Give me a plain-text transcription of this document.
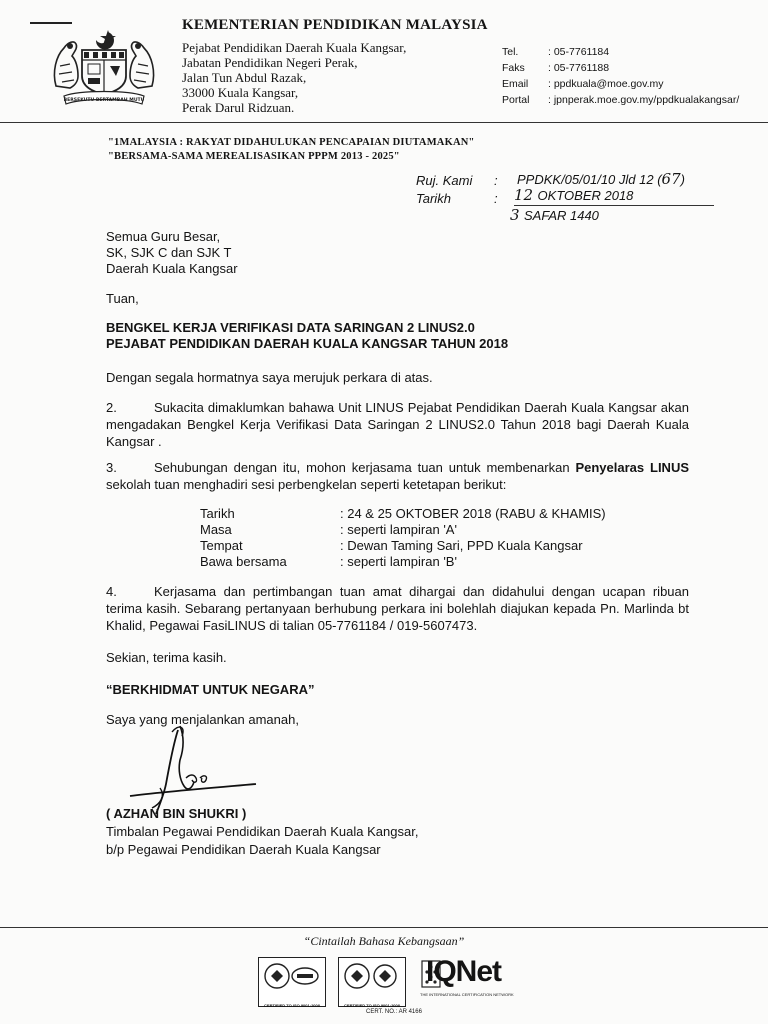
BERSEKUTU BERTAMBAH MUTU
KEMENTERIAN PENDIDIKAN MALAYSIA
Pejabat Pendidikan Daerah Kuala Kangsar,
Jabatan Pendidikan Negeri Perak,
Jalan Tun Abdul Razak,
33000 Kuala Kangsar,
Perak Darul Ridzuan.
Tel.	: 05-7761184
Faks : 05-7761188
Email : ppdkuala@moe.gov.my
Portal : jpnperak.moe.gov.my/ppdkualakangsar/
"1MALAYSIA : RAKYAT DIDAHULUKAN PENCAPAIAN DIUTAMAKAN"
"BERSAMA-SAMA MEREALISASIKAN PPPM 2013 - 2025"
Ruj. Kami : PPDKK/05/01/10 Jld 12 (67)
Tarikh	: 12 OKTOBER 2018
3 SAFAR 1440
Semua Guru Besar,
SK, SJK C dan SJK T
Daerah Kuala Kangsar
Tuan,
BENGKEL KERJA VERIFIKASI DATA SARINGAN 2 LINUS2.0
PEJABAT PENDIDIKAN DAERAH KUALA KANGSAR TAHUN 2018
Dengan segala hormatnya saya merujuk perkara di atas.

2.	Sukacita dimaklumkan bahawa Unit LINUS Pejabat Pendidikan Daerah Kuala Kangsar akan mengadakan Bengkel Kerja Verifikasi Data Saringan 2 LINUS2.0 Tahun 2018 bagi Daerah Kuala Kangsar .

3.	Sehubungan dengan itu, mohon kerjasama tuan untuk membenarkan Penyelaras LINUS sekolah tuan menghadiri sesi perbengkelan seperti ketetapan berikut:

Tarikh	: 24 & 25 OKTOBER 2018 (RABU & KHAMIS)
Masa	: seperti lampiran 'A'
Tempat	: Dewan Taming Sari, PPD Kuala Kangsar
Bawa bersama	: seperti lampiran 'B'

4.	Kerjasama dan pertimbangan tuan amat dihargai dan didahului dengan ucapan ribuan terima kasih. Sebarang pertanyaan berhubung perkara ini bolehlah diajukan kepada Pn. Marlinda bt Khalid, Pegawai FasiLINUS di talian 05-7761184 / 019-5607473.

Sekian, terima kasih.
“BERKHIDMAT UNTUK NEGARA”
Saya yang menjalankan amanah,
( AZHAN BIN SHUKRI )
Timbalan Pegawai Pendidikan Daerah Kuala Kangsar,
b/p Pegawai Pendidikan Daerah Kuala Kangsar
“Cintailah Bahasa Kebangsaan”
CERTIFIED TO ISO 9001:2008	CERTIFIED TO ISO 9001:2008
IQNet
THE INTERNATIONAL CERTIFICATION NETWORK
CERT. NO.: AR 4166
